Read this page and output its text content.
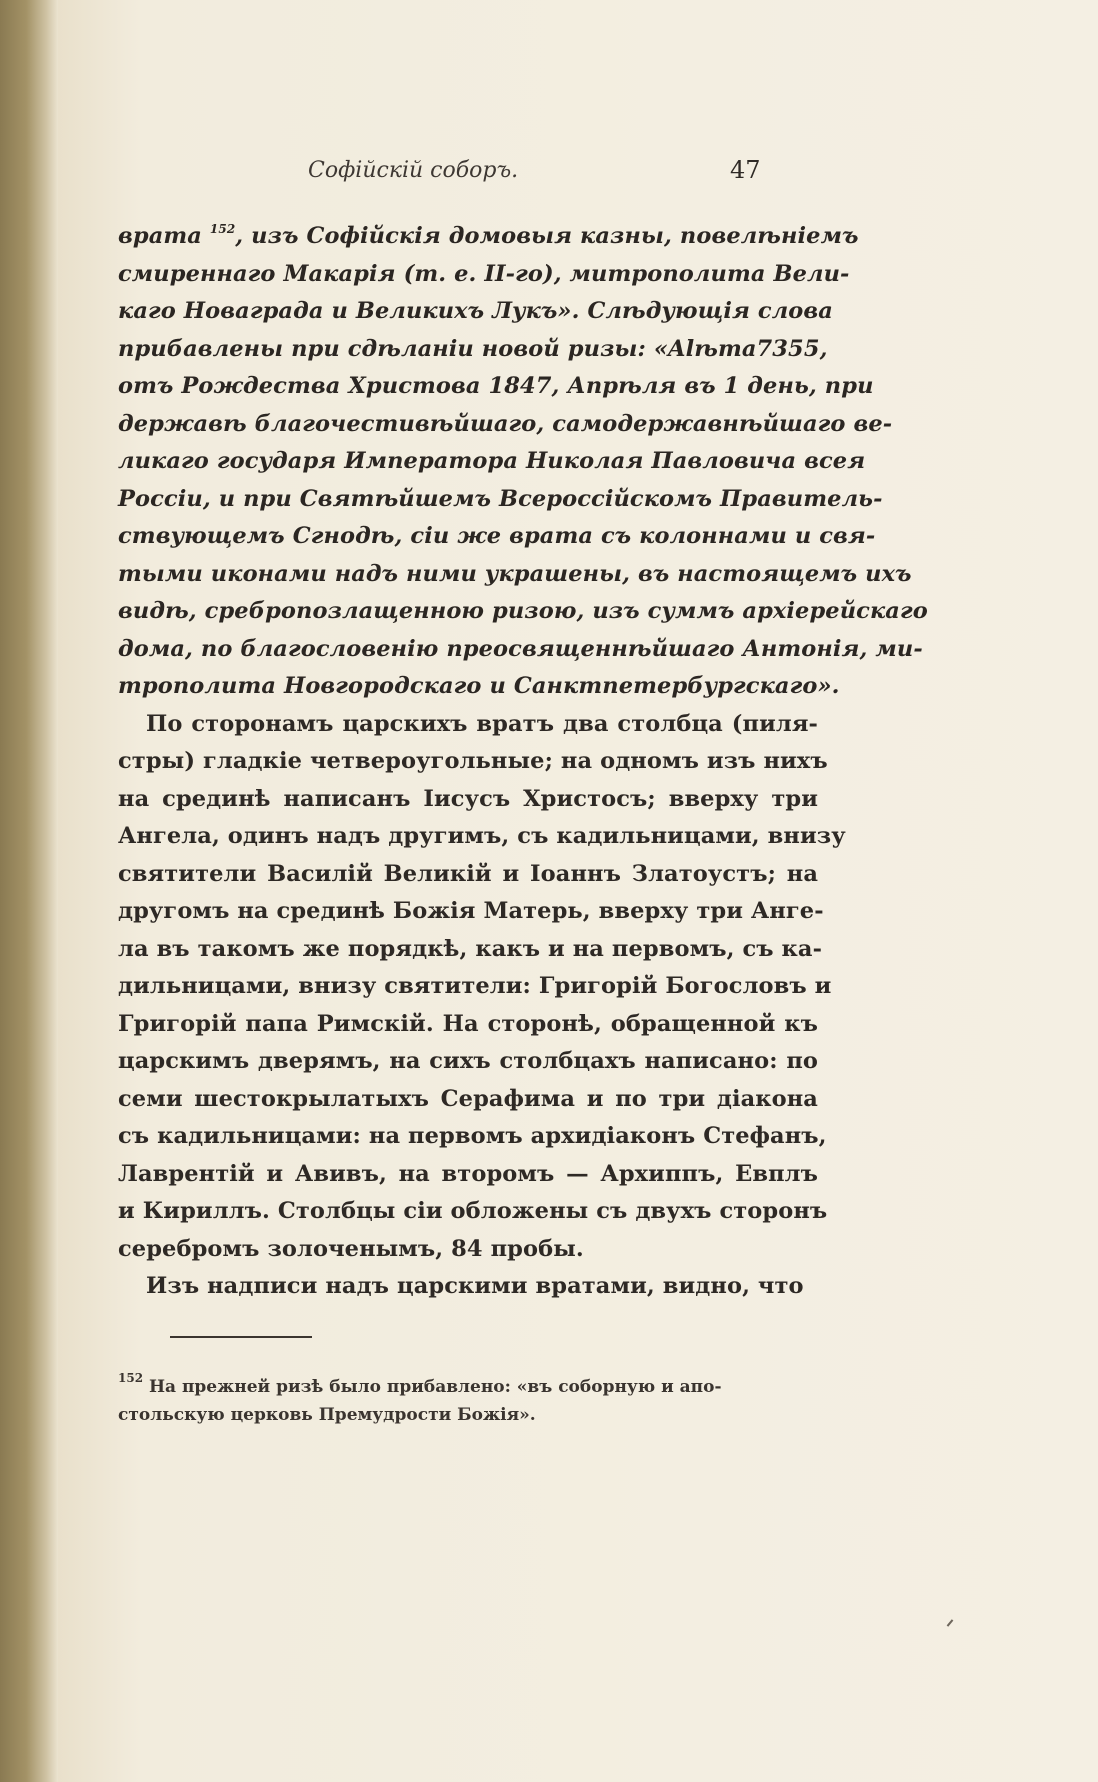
Софійскій соборъ.	47
врата $^{152}$, изъ Софійскія домовыя казны, повелѣніемъ
смиреннаго Макарія (т. е. II-го), митрополита Вели-
каго Новаграда и Великихъ Лукъ». Слѣдующія слова
прибавлены при сдѣланіи новой ризы: «Alѣта7355,
отъ Рождества Христова 1847, Апрѣля въ 1 день, при
державѣ благочестивѣйшаго, самодержавнѣйшаго ве-
ликаго государя Императора Николая Павловича всея
Россіи, и при Святѣйшемъ Всероссійскомъ Правитель-
ствующемъ Сгнодѣ, сіи же врата съ колоннами и свя-
тыми иконами надъ ними украшены, въ настоящемъ ихъ
видѣ, сребропозлащенною ризою, изъ суммъ архіерейскаго
дома, по благословенію преосвященнѣйшаго Антонія, ми-
трополита Новгородскаго и Санктпетербургскаго».
По сторонамъ царскихъ вратъ два столбца (пиля-
стры) гладкіе четвероугольные; на одномъ изъ нихъ
на срединѣ написанъ Іисусъ Христосъ; вверху три
Ангела, одинъ надъ другимъ, съ кадильницами, внизу
святители Василій Великій и Іоаннъ Златоустъ; на
другомъ на срединѣ Божія Матерь, вверху три Анге-
ла въ такомъ же порядкѣ, какъ и на первомъ, съ ка-
дильницами, внизу святители: Григорій Богословъ и
Григорій папа Римскій. На сторонѣ, обращенной къ
царскимъ дверямъ, на сихъ столбцахъ написано: по
семи шестокрылатыхъ Серафима и по три діакона
съ кадильницами: на первомъ архидіаконъ Стефанъ,
Лаврентій и Авивъ, на второмъ — Архиппъ, Евплъ
и Кириллъ. Столбцы сіи обложены съ двухъ сторонъ
серебромъ золоченымъ, 84 пробы.
Изъ надписи надъ царскими вратами, видно, что
$^{152}$ На прежней ризѣ было прибавлено: «въ соборную и апо-
стольскую церковь Премудрости Божія».
